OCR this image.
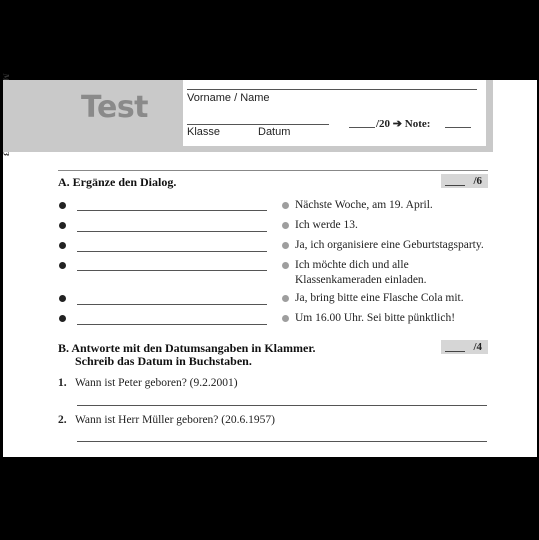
Test	Vorname / Name
Klasse	Datum
/20 ➔ Note:
A. Ergänze den Dialog.	/6
Nächste Woche, am 19. April.
Ich werde 13.
Ja, ich organisiere eine Geburtstagsparty.
Ich möchte dich und alle
Klassenkameraden einladen.
Ja, bring bitte eine Flasche Cola mit.
Um 16.00 Uhr. Sei bitte pünktlich!
B. Antworte mit den Datumsangaben in Klammer.
Schreib das Datum in Buchstaben.
/4
1. Wann ist Peter geboren? (9.2.2001)
2. Wann ist Herr Müller geboren? (20.6.1957)
